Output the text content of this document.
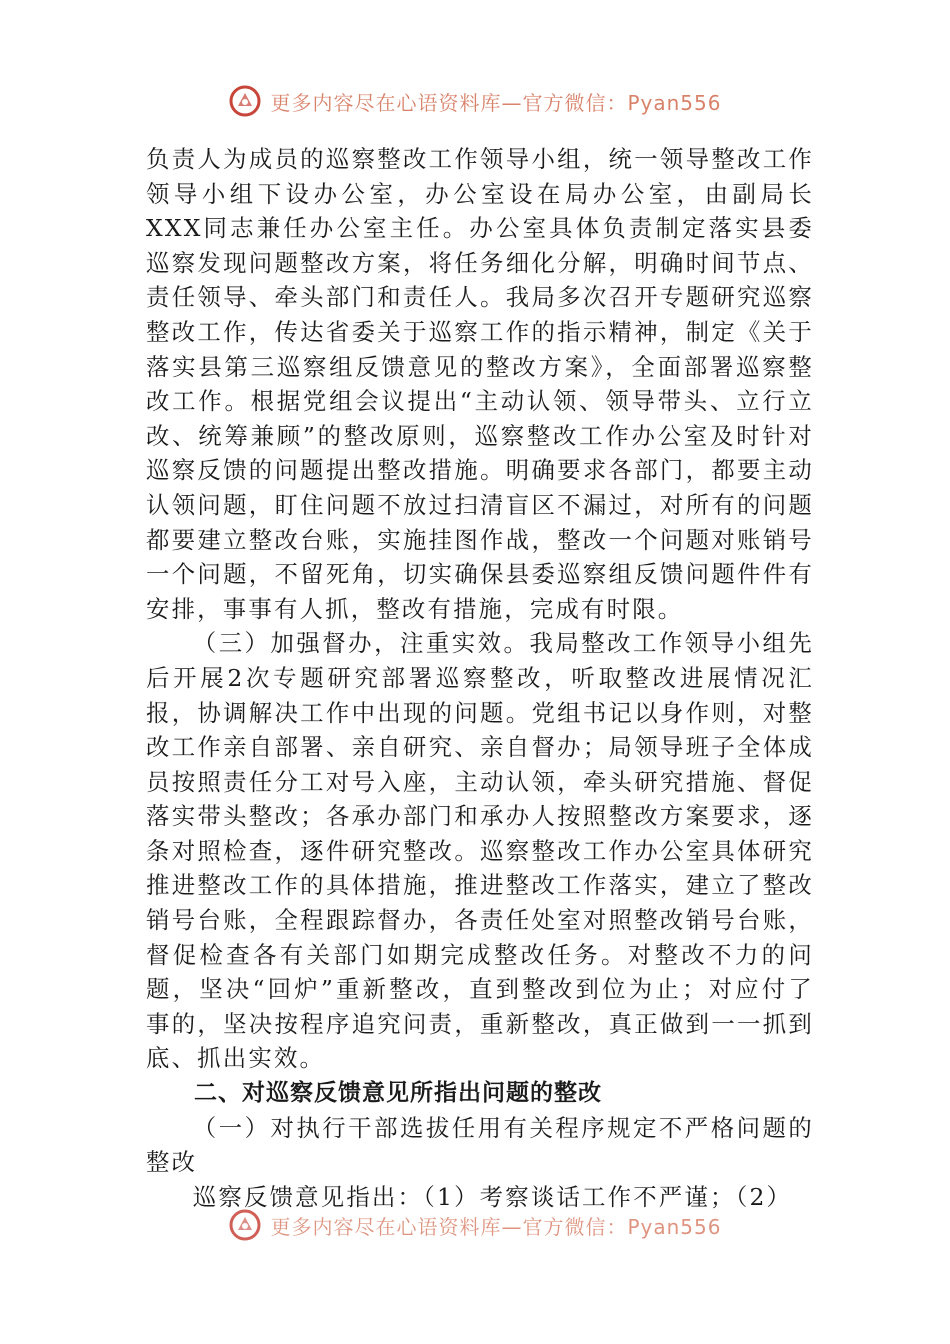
更多内容尽在心语资料库—官方微信：Pyan556

负责人为成员的巡察整改工作领导小组，统一领导整改工作领导小组下设办公室，办公室设在局办公室，由副局长XXX同志兼任办公室主任。办公室具体负责制定落实县委巡察发现问题整改方案，将任务细化分解，明确时间节点、责任领导、牵头部门和责任人。我局多次召开专题研究巡察整改工作，传达省委关于巡察工作的指示精神，制定《关于落实县第三巡察组反馈意见的整改方案》，全面部署巡察整改工作。根据党组会议提出“主动认领、领导带头、立行立改、统筹兼顾”的整改原则，巡察整改工作办公室及时针对巡察反馈的问题提出整改措施。明确要求各部门，都要主动认领问题，盯住问题不放过扫清盲区不漏过，对所有的问题都要建立整改台账，实施挂图作战，整改一个问题对账销号一个问题，不留死角，切实确保县委巡察组反馈问题件件有安排，事事有人抓，整改有措施，完成有时限。

（三）加强督办，注重实效。我局整改工作领导小组先后开展2次专题研究部署巡察整改，听取整改进展情况汇报，协调解决工作中出现的问题。党组书记以身作则，对整改工作亲自部署、亲自研究、亲自督办；局领导班子全体成员按照责任分工对号入座，主动认领，牵头研究措施、督促落实带头整改；各承办部门和承办人按照整改方案要求，逐条对照检查，逐件研究整改。巡察整改工作办公室具体研究推进整改工作的具体措施，推进整改工作落实，建立了整改销号台账，全程跟踪督办，各责任处室对照整改销号台账，督促检查各有关部门如期完成整改任务。对整改不力的问题，坚决“回炉”重新整改，直到整改到位为止；对应付了事的，坚决按程序追究问责，重新整改，真正做到一一抓到底、抓出实效。

二、对巡察反馈意见所指出问题的整改

（一）对执行干部选拔任用有关程序规定不严格问题的整改

巡察反馈意见指出：（1）考察谈话工作不严谨；（2）

更多内容尽在心语资料库—官方微信：Pyan556
